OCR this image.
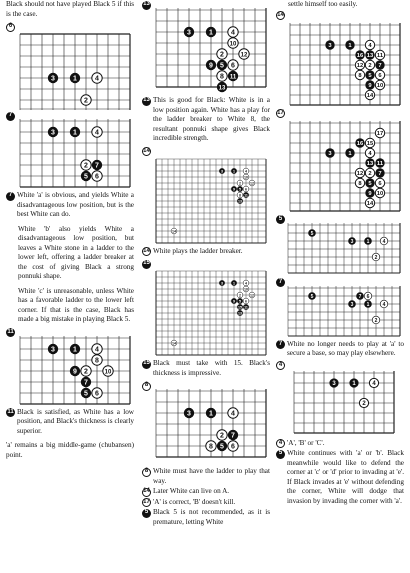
Black should not have played Black 5 if this is the case.

6
3	1	4
2
7
3	1	4
2 7
5 6
7 White 'a' is obvious, and yields White a disadvantageous low position, but is the best White can do.

White 'b' also yields White a disadvantageous low position, but leaves a White stone in a ladder to the lower left, offering a ladder breaker at the cost of giving Black a strong ponnuki shape.

White 'c' is unreasonable, unless White has a favorable ladder to the lower left corner. If that is the case, Black has made a big mistake in playing Black 5.

11
3	1	4
8
9 2	10
7
5 6
11 Black is satisfied, as White has a low position, and Black's thickness is clearly superior.

'a' remains a big middle-game (chubansen) point.

13
3	1	4
10
12
2
5
9	6
8 11
13
13 This is good for Black: White is in a low position again. White has a play for the ladder breaker to White 8, the resultant ponnuki shape gives Black incredible strength.
14
3	1	4
10
12
2
9 5 6
8 11
13
14
14 White plays the ladder breaker.
15
3	1	4
10
12
2
9 5 6
11
13
15
14
15 Black must take with 15. Black's thickness is impressive.
8
3	1	4
2 7
8 5 6
8 White must have the ladder to play that way.
14 Later White can live on A.
17 'A' is correct, 'B' doesn't kill.
5 Black 5 is not recommended, as it is premature, letting White

settle himself too easily.

14
3	1	4
16 13
12 2 7
8 5 6
9 10
14
11
17
17
16 15
3	1	4
13 11
12 2 7
8 5 6
9 10
14
5
5
3	1	4
2
7
5	7 6
3	1	4
2
7 White no longer needs to play at 'a' to secure a base, so may play elsewhere.
4
3	1	4
2
4 'A', 'B' or 'C'.
5 White continues with 'a' or 'b'. Black meanwhile would like to defend the corner at 'c' or 'd' prior to invading at 'e'. If Black invades at 'e' without defending the corner, White will dodge that invasion by invading the corner with 'a'.
